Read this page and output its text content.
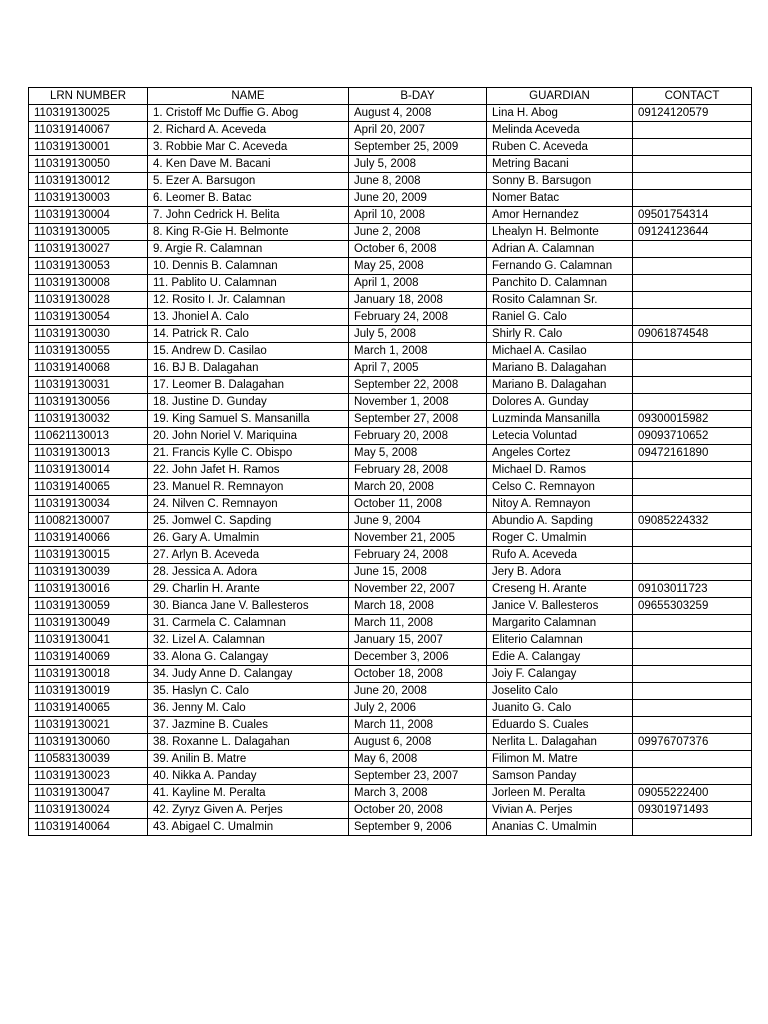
LRN NUMBER	NAME	B-DAY	GUARDIAN	CONTACT
110319130025	1. Cristoff Mc Duffie G. Abog	August 4, 2008	Lina H. Abog	09124120579
110319140067	2. Richard A. Aceveda	April 20, 2007	Melinda Aceveda	
110319130001	3. Robbie Mar C. Aceveda	September 25, 2009	Ruben C. Aceveda	
110319130050	4. Ken Dave M. Bacani	July 5, 2008	Metring Bacani	
110319130012	5. Ezer A. Barsugon	June 8, 2008	Sonny B. Barsugon	
110319130003	6. Leomer B. Batac	June 20, 2009	Nomer Batac	
110319130004	7. John Cedrick H. Belita	April 10, 2008	Amor Hernandez	09501754314
110319130005	8. King R-Gie H. Belmonte	June 2, 2008	Lhealyn H. Belmonte	09124123644
110319130027	9. Argie R. Calamnan	October 6, 2008	Adrian A. Calamnan	
110319130053	10. Dennis B. Calamnan	May 25, 2008	Fernando G. Calamnan	
110319130008	11. Pablito U. Calamnan	April 1, 2008	Panchito D. Calamnan	
110319130028	12. Rosito I. Jr. Calamnan	January 18, 2008	Rosito Calamnan Sr.	
110319130054	13. Jhoniel A. Calo	February 24, 2008	Raniel G. Calo	
110319130030	14. Patrick R. Calo	July 5, 2008	Shirly R. Calo	09061874548
110319130055	15. Andrew D. Casilao	March 1, 2008	Michael A. Casilao	
110319140068	16. BJ B. Dalagahan	April 7, 2005	Mariano B. Dalagahan	
110319130031	17. Leomer B. Dalagahan	September 22, 2008	Mariano B. Dalagahan	
110319130056	18. Justine D. Gunday	November 1, 2008	Dolores A. Gunday	
110319130032	19. King Samuel S. Mansanilla	September 27, 2008	Luzminda Mansanilla	09300015982
110621130013	20. John Noriel V. Mariquina	February 20, 2008	Letecia Voluntad	09093710652
110319130013	21. Francis Kylle C. Obispo	May 5, 2008	Angeles Cortez	09472161890
110319130014	22. John Jafet H. Ramos	February 28, 2008	Michael D. Ramos	
110319140065	23. Manuel R. Remnayon	March 20, 2008	Celso C. Remnayon	
110319130034	24. Nilven C. Remnayon	October 11, 2008	Nitoy A. Remnayon	
110082130007	25. Jomwel C. Sapding	June 9, 2004	Abundio A. Sapding	09085224332
110319140066	26. Gary A. Umalmin	November 21, 2005	Roger C. Umalmin	
110319130015	27. Arlyn B. Aceveda	February 24, 2008	Rufo A. Aceveda	
110319130039	28. Jessica A. Adora	June 15, 2008	Jery B. Adora	
110319130016	29. Charlin H. Arante	November 22, 2007	Creseng H. Arante	09103011723
110319130059	30. Bianca Jane V. Ballesteros	March 18, 2008	Janice V. Ballesteros	09655303259
110319130049	31. Carmela C. Calamnan	March 11, 2008	Margarito Calamnan	
110319130041	32. Lizel A. Calamnan	January 15, 2007	Eliterio Calamnan	
110319140069	33. Alona G. Calangay	December 3, 2006	Edie A. Calangay	
110319130018	34. Judy Anne D. Calangay	October 18, 2008	Joiy F. Calangay	
110319130019	35. Haslyn C. Calo	June 20, 2008	Joselito Calo	
110319140065	36. Jenny M. Calo	July 2, 2006	Juanito G. Calo	
110319130021	37. Jazmine B. Cuales	March 11, 2008	Eduardo S. Cuales	
110319130060	38. Roxanne L. Dalagahan	August 6, 2008	Nerlita L. Dalagahan	09976707376
110583130039	39. Anilin B. Matre	May 6, 2008	Filimon M. Matre	
110319130023	40. Nikka A. Panday	September 23, 2007	Samson Panday	
110319130047	41. Kayline M. Peralta	March 3, 2008	Jorleen M. Peralta	09055222400
110319130024	42. Zyryz Given A. Perjes	October 20, 2008	Vivian A. Perjes	09301971493
110319140064	43. Abigael C. Umalmin	September 9, 2006	Ananias C. Umalmin	
